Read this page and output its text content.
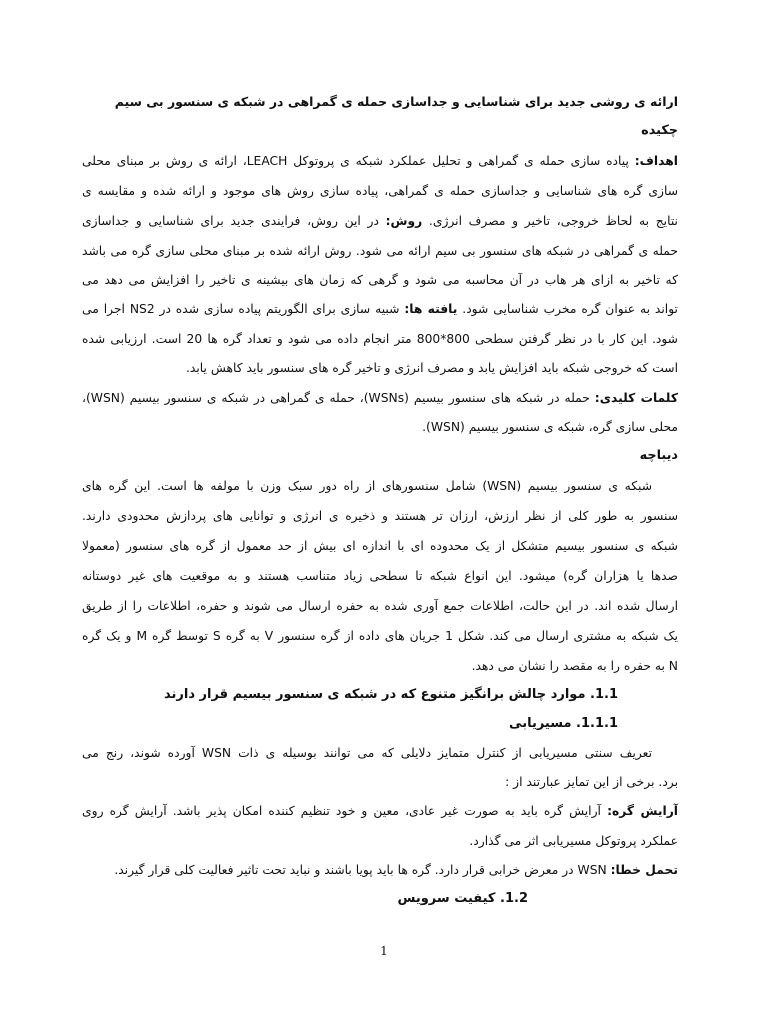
ارائه ی روشی جدید برای شناسایی و جداسازی حمله ی گمراهی در شبکه ی سنسور بی سیم
چکیده
اهداف: پیاده سازی حمله ی گمراهی و تحلیل عملکرد شبکه ی پروتوکل LEACH، ارائه ی روش بر مبنای محلی
سازی گره های شناسایی و جداسازی حمله ی گمراهی، پیاده سازی روش های موجود و ارائه شده و مقایسه ی
نتایج به لحاظ خروجی، تاخیر و مصرف انرژی. روش: در این روش، فرایندی جدید برای شناسایی و جداسازی
حمله ی گمراهی در شبکه های سنسور بی سیم ارائه می شود. روش ارائه شده بر مبنای محلی سازی گره می باشد
که تاخیر به ازای هر هاب در آن محاسبه می شود و گرهی که زمان های بیشینه ی تاخیر را افزایش می دهد می
تواند به عنوان گره مخرب شناسایی شود. یافته ها: شبیه سازی برای الگوریتم پیاده سازی شده در NS2 اجرا می
شود. این کار با در نظر گرفتن سطحی 800*800 متر انجام داده می شود و تعداد گره ها 20 است. ارزیابی شده
است که خروجی شبکه باید افزایش یابد و مصرف انرژی و تاخیر گره های سنسور باید کاهش یابد.
کلمات کلیدی: حمله در شبکه های سنسور بیسیم (WSNs)، حمله ی گمراهی در شبکه ی سنسور بیسیم (WSN)،
محلی سازی گره، شبکه ی سنسور بیسیم (WSN).
دیباچه
شبکه ی سنسور بیسیم (WSN) شامل سنسورهای از راه دور سبک وزن با مولفه ها است. این گره های
سنسور به طور کلی از نظر ارزش، ارزان تر هستند و ذخیره ی انرژی و توانایی های پردازش محدودی دارند.
شبکه ی سنسور بیسیم متشکل از یک محدوده ای با اندازه ای بیش از حد معمول از گره های سنسور (معمولا
صدها یا هزاران گره) میشود. این انواع شبکه تا سطحی زیاد متناسب هستند و به موقعیت های غیر دوستانه
ارسال شده اند. در این حالت، اطلاعات جمع آوری شده به حفره ارسال می شوند و حفره، اطلاعات را از طریق
یک شبکه به مشتری ارسال می کند. شکل 1 جریان های داده از گره سنسور V به گره S توسط گره M و یک گره
N به حفره را به مقصد را نشان می دهد.
1.1. موارد چالش برانگیز متنوع که در شبکه ی سنسور بیسیم قرار دارند
1.1.1. مسیریابی
تعریف سنتی مسیریابی از کنترل متمایز دلایلی که می توانند بوسیله ی ذات WSN آورده شوند، رنج می
برد. برخی از این تمایز عبارتند از :
آرایش گره: آرایش گره باید به صورت غیر عادی، معین و خود تنظیم کننده امکان پذیر باشد. آرایش گره روی
عملکرد پروتوکل مسیریابی اثر می گذارد.
تحمل خطا: WSN در معرض خرابی قرار دارد. گره ها باید پویا باشند و نباید تحت تاثیر فعالیت کلی قرار گیرند.
1.2. کیفیت سرویس
1
